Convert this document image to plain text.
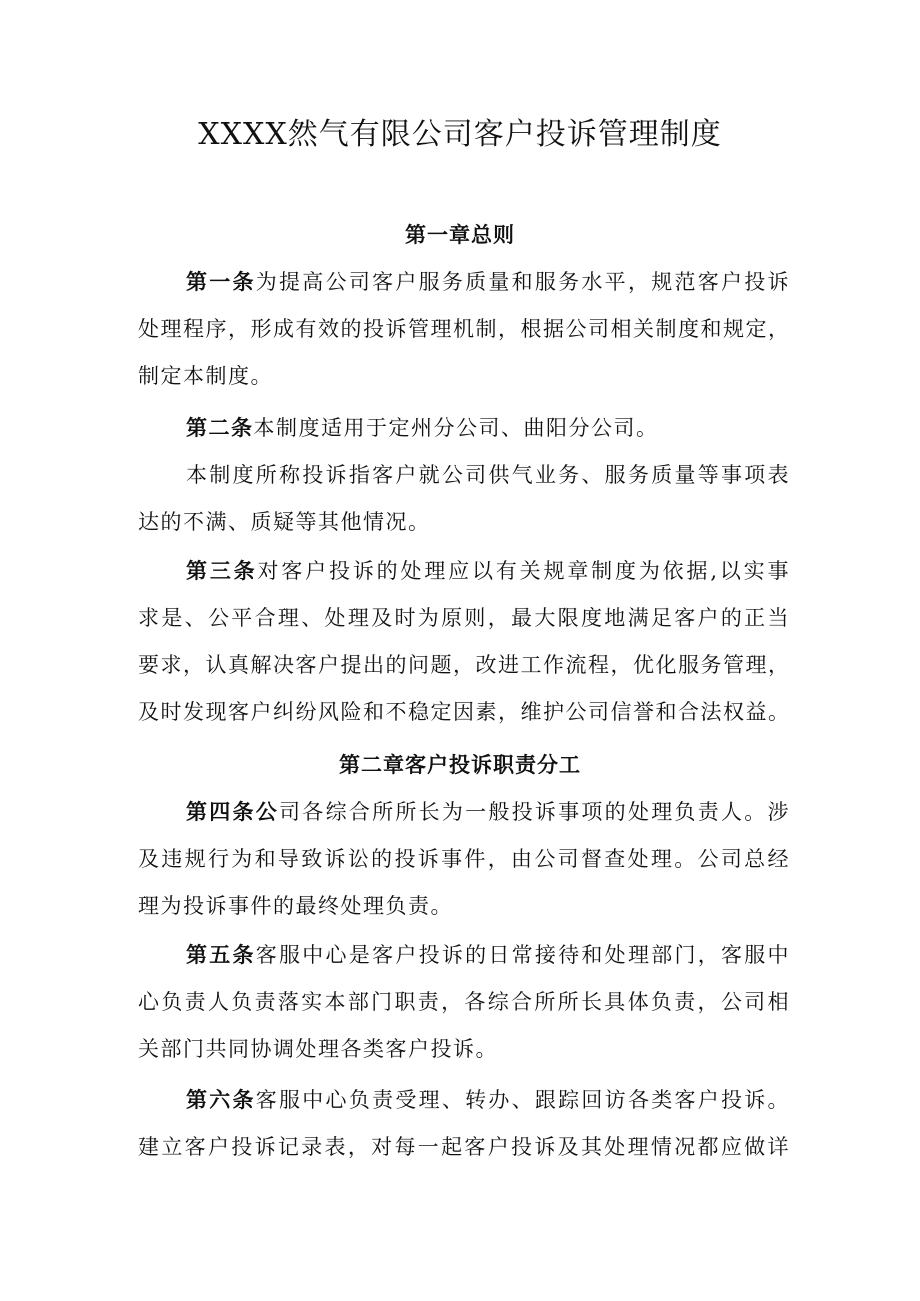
XXXX然气有限公司客户投诉管理制度
第一章总则
第一条为提高公司客户服务质量和服务水平，规范客户投诉
处理程序，形成有效的投诉管理机制，根据公司相关制度和规定，
制定本制度。
第二条本制度适用于定州分公司、曲阳分公司。
本制度所称投诉指客户就公司供气业务、服务质量等事项表
达的不满、质疑等其他情况。
第三条对客户投诉的处理应以有关规章制度为依据,以实事
求是、公平合理、处理及时为原则，最大限度地满足客户的正当
要求，认真解决客户提出的问题，改进工作流程，优化服务管理，
及时发现客户纠纷风险和不稳定因素，维护公司信誉和合法权益。
第二章客户投诉职责分工
第四条公司各综合所所长为一般投诉事项的处理负责人。涉
及违规行为和导致诉讼的投诉事件，由公司督查处理。公司总经
理为投诉事件的最终处理负责。
第五条客服中心是客户投诉的日常接待和处理部门，客服中
心负责人负责落实本部门职责，各综合所所长具体负责，公司相
关部门共同协调处理各类客户投诉。
第六条客服中心负责受理、转办、跟踪回访各类客户投诉。
建立客户投诉记录表，对每一起客户投诉及其处理情况都应做详
